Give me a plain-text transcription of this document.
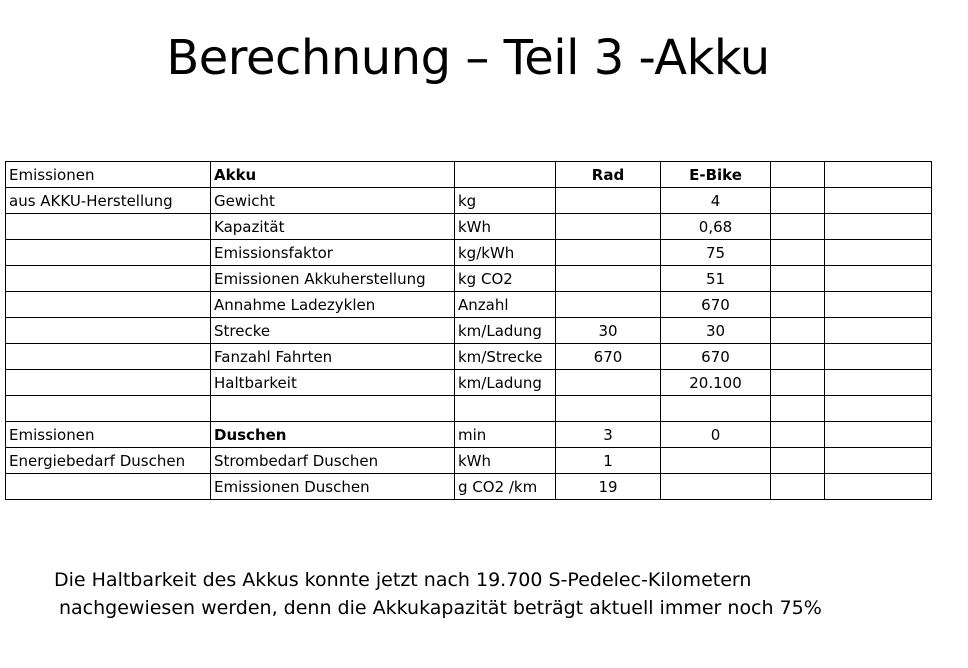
Berechnung – Teil 3 -Akku
Emissionen	Akku		Rad	E-Bike		
aus AKKU-Herstellung	Gewicht	kg		4		
	Kapazität	kWh		0,68		
	Emissionsfaktor	kg/kWh		75		
	Emissionen Akkuherstellung	kg CO2		51		
	Annahme Ladezyklen	Anzahl		670		
	Strecke	km/Ladung	30	30		
	Fanzahl Fahrten	km/Strecke	670	670		
	Haltbarkeit	km/Ladung		20.100		

Emissionen	Duschen	min	3	0		
Energiebedarf Duschen	Strombedarf Duschen	kWh	1			
	Emissionen Duschen	g CO2 /km	19			
Die Haltbarkeit des Akkus konnte jetzt nach 19.700 S-Pedelec-Kilometern
nachgewiesen werden, denn die Akkukapazität beträgt aktuell immer noch 75%
